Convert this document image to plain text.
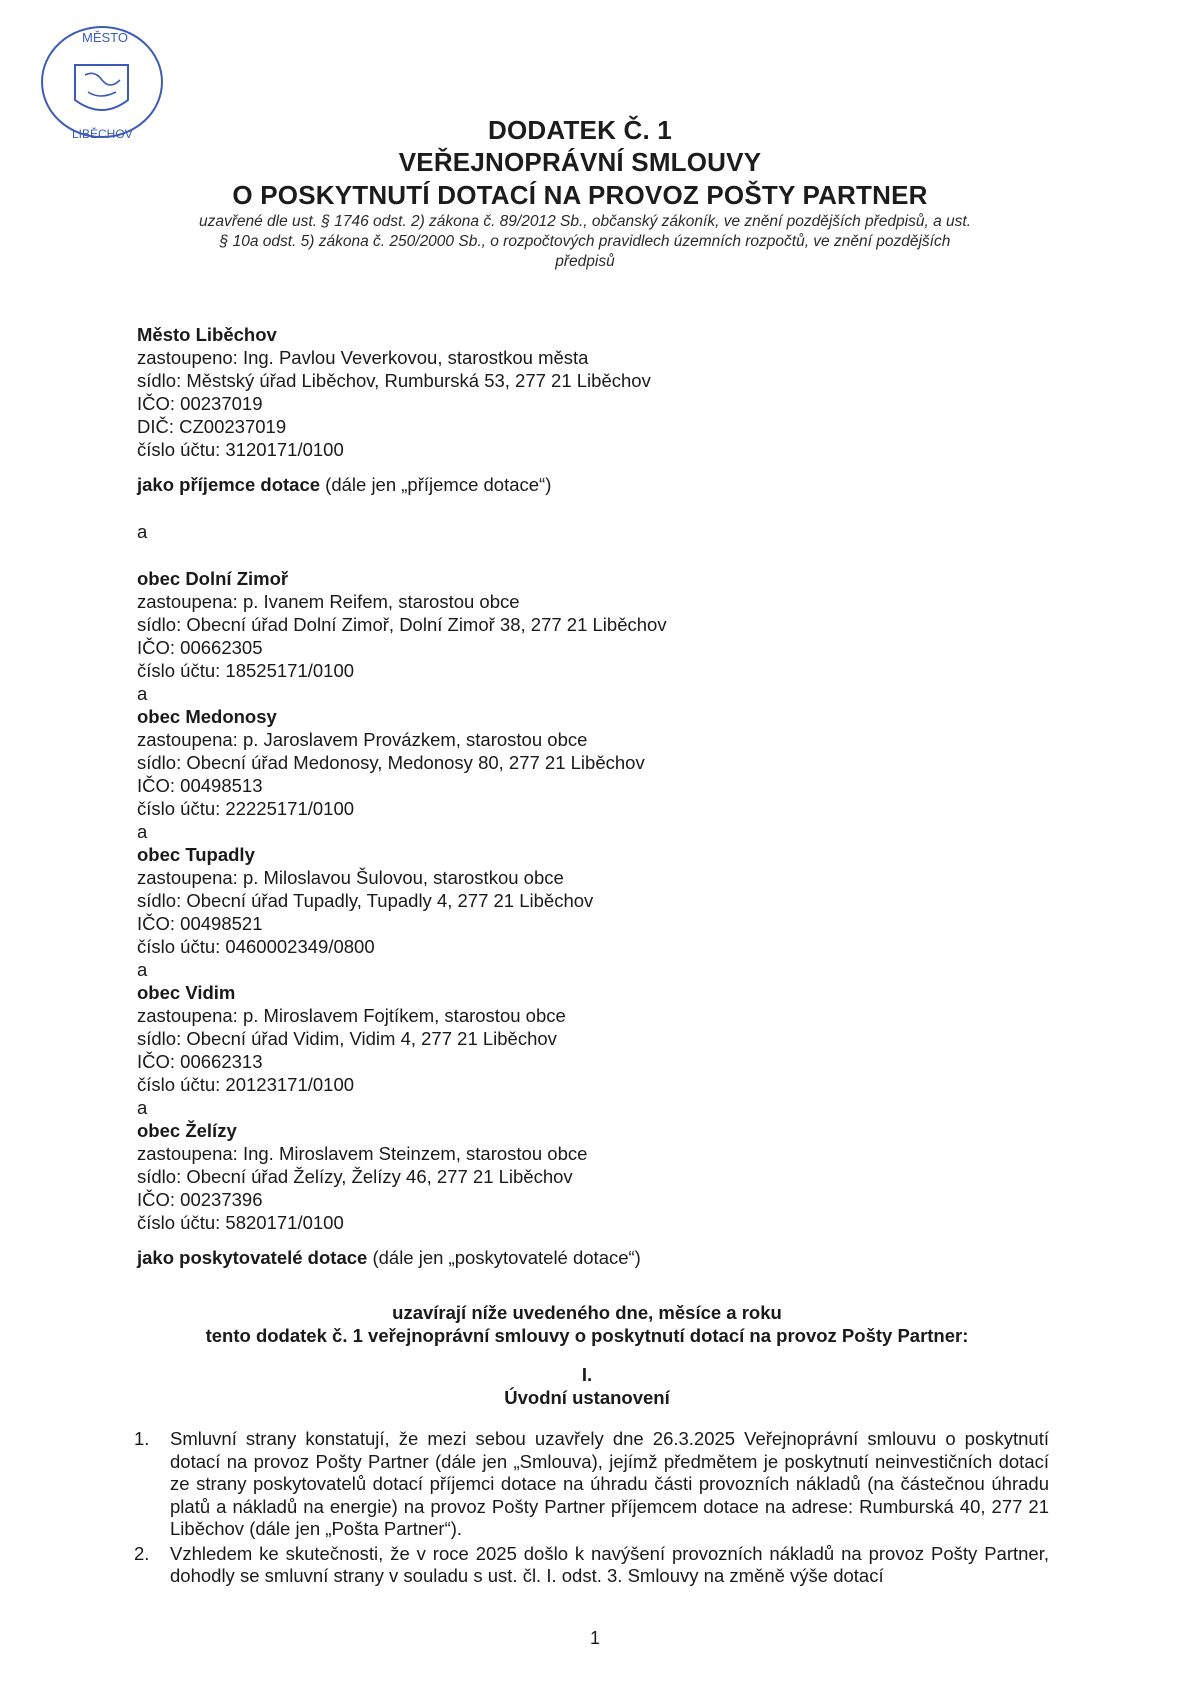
MĚSTO
LIBĚCHOV	DODATEK Č. 1
VEŘEJNOPRÁVNÍ SMLOUVY
O POSKYTNUTÍ DOTACÍ NA PROVOZ POŠTY PARTNER
uzavřené dle ust. § 1746 odst. 2) zákona č. 89/2012 Sb., občanský zákoník, ve znění pozdějších předpisů, a ust.
§ 10a odst. 5) zákona č. 250/2000 Sb., o rozpočtových pravidlech územních rozpočtů, ve znění pozdějších
předpisů
Město Liběchov
zastoupeno: Ing. Pavlou Veverkovou, starostkou města
sídlo: Městský úřad Liběchov, Rumburská 53, 277 21 Liběchov
IČO: 00237019
DIČ: CZ00237019
číslo účtu: 3120171/0100
jako příjemce dotace (dále jen „příjemce dotace“)
a
obec Dolní Zimoř
zastoupena: p. Ivanem Reifem, starostou obce
sídlo: Obecní úřad Dolní Zimoř, Dolní Zimoř 38, 277 21 Liběchov
IČO: 00662305
číslo účtu: 18525171/0100
a
obec Medonosy
zastoupena: p. Jaroslavem Provázkem, starostou obce
sídlo: Obecní úřad Medonosy, Medonosy 80, 277 21 Liběchov
IČO: 00498513
číslo účtu: 22225171/0100
a
obec Tupadly
zastoupena: p. Miloslavou Šulovou, starostkou obce
sídlo: Obecní úřad Tupadly, Tupadly 4, 277 21 Liběchov
IČO: 00498521
číslo účtu: 0460002349/0800
a
obec Vidim
zastoupena: p. Miroslavem Fojtíkem, starostou obce
sídlo: Obecní úřad Vidim, Vidim 4, 277 21 Liběchov
IČO: 00662313
číslo účtu: 20123171/0100
a
obec Želízy
zastoupena: Ing. Miroslavem Steinzem, starostou obce
sídlo: Obecní úřad Želízy, Želízy 46, 277 21 Liběchov
IČO: 00237396
číslo účtu: 5820171/0100
jako poskytovatelé dotace (dále jen „poskytovatelé dotace“)
uzavírají níže uvedeného dne, měsíce a roku
tento dodatek č. 1 veřejnoprávní smlouvy o poskytnutí dotací na provoz Pošty Partner:
I.
Úvodní ustanovení
1.	Smluvní strany konstatují, že mezi sebou uzavřely dne 26.3.2025 Veřejnoprávní smlouvu o poskytnutí dotací na provoz Pošty Partner (dále jen „Smlouva), jejímž předmětem je poskytnutí neinvestičních dotací ze strany poskytovatelů dotací příjemci dotace na úhradu části provozních nákladů (na částečnou úhradu platů a nákladů na energie) na provoz Pošty Partner příjemcem dotace na adrese: Rumburská 40, 277 21 Liběchov (dále jen „Pošta Partner“).
2.	Vzhledem ke skutečnosti, že v roce 2025 došlo k navýšení provozních nákladů na provoz Pošty Partner, dohodly se smluvní strany v souladu s ust. čl. I. odst. 3. Smlouvy na změně výše dotací
1
